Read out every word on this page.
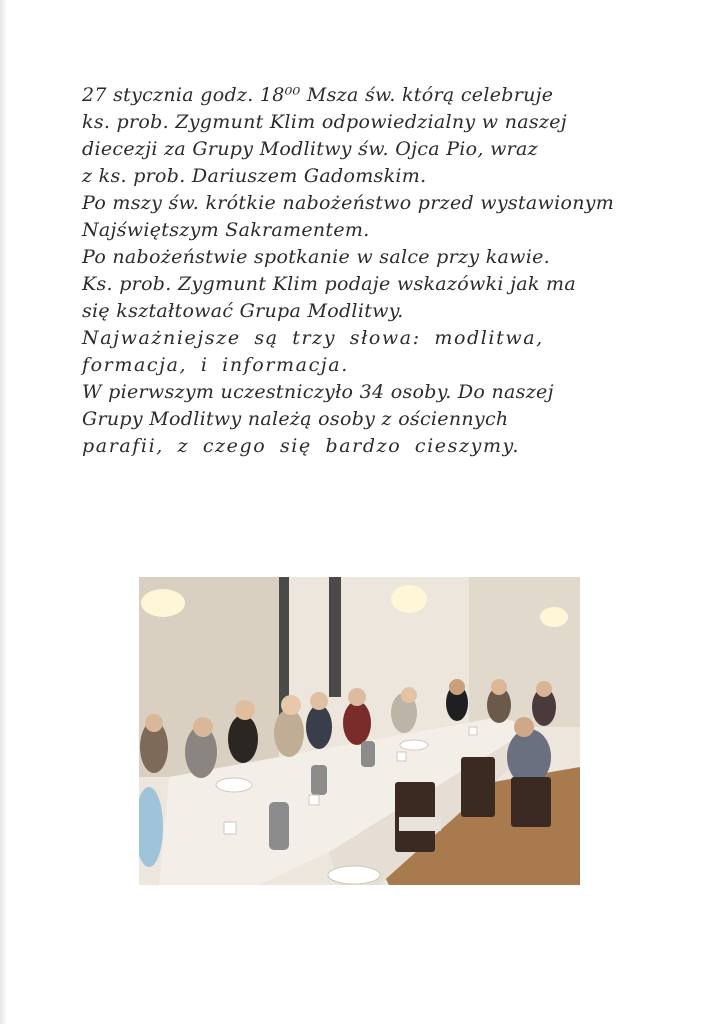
27 stycznia godz. 18⁰⁰ Msza św. którą celebruje
ks. prob. Zygmunt Klim odpowiedzialny w naszej
diecezji za Grupy Modlitwy św. Ojca Pio, wraz
z ks. prob. Dariuszem Gadomskim.
Po mszy św. krótkie nabożeństwo przed wystawionym
Najświętszym Sakramentem.
Po nabożeństwie spotkanie w salce przy kawie.
Ks. prob. Zygmunt Klim podaje wskazówki jak ma
się kształtować Grupa Modlitwy.
Najważniejsze są trzy słowa: modlitwa,
formacja, i informacja.
W pierwszym uczestniczyło 34 osoby. Do naszej
Grupy Modlitwy należą osoby z ościennych
parafii, z czego się bardzo cieszymy.
